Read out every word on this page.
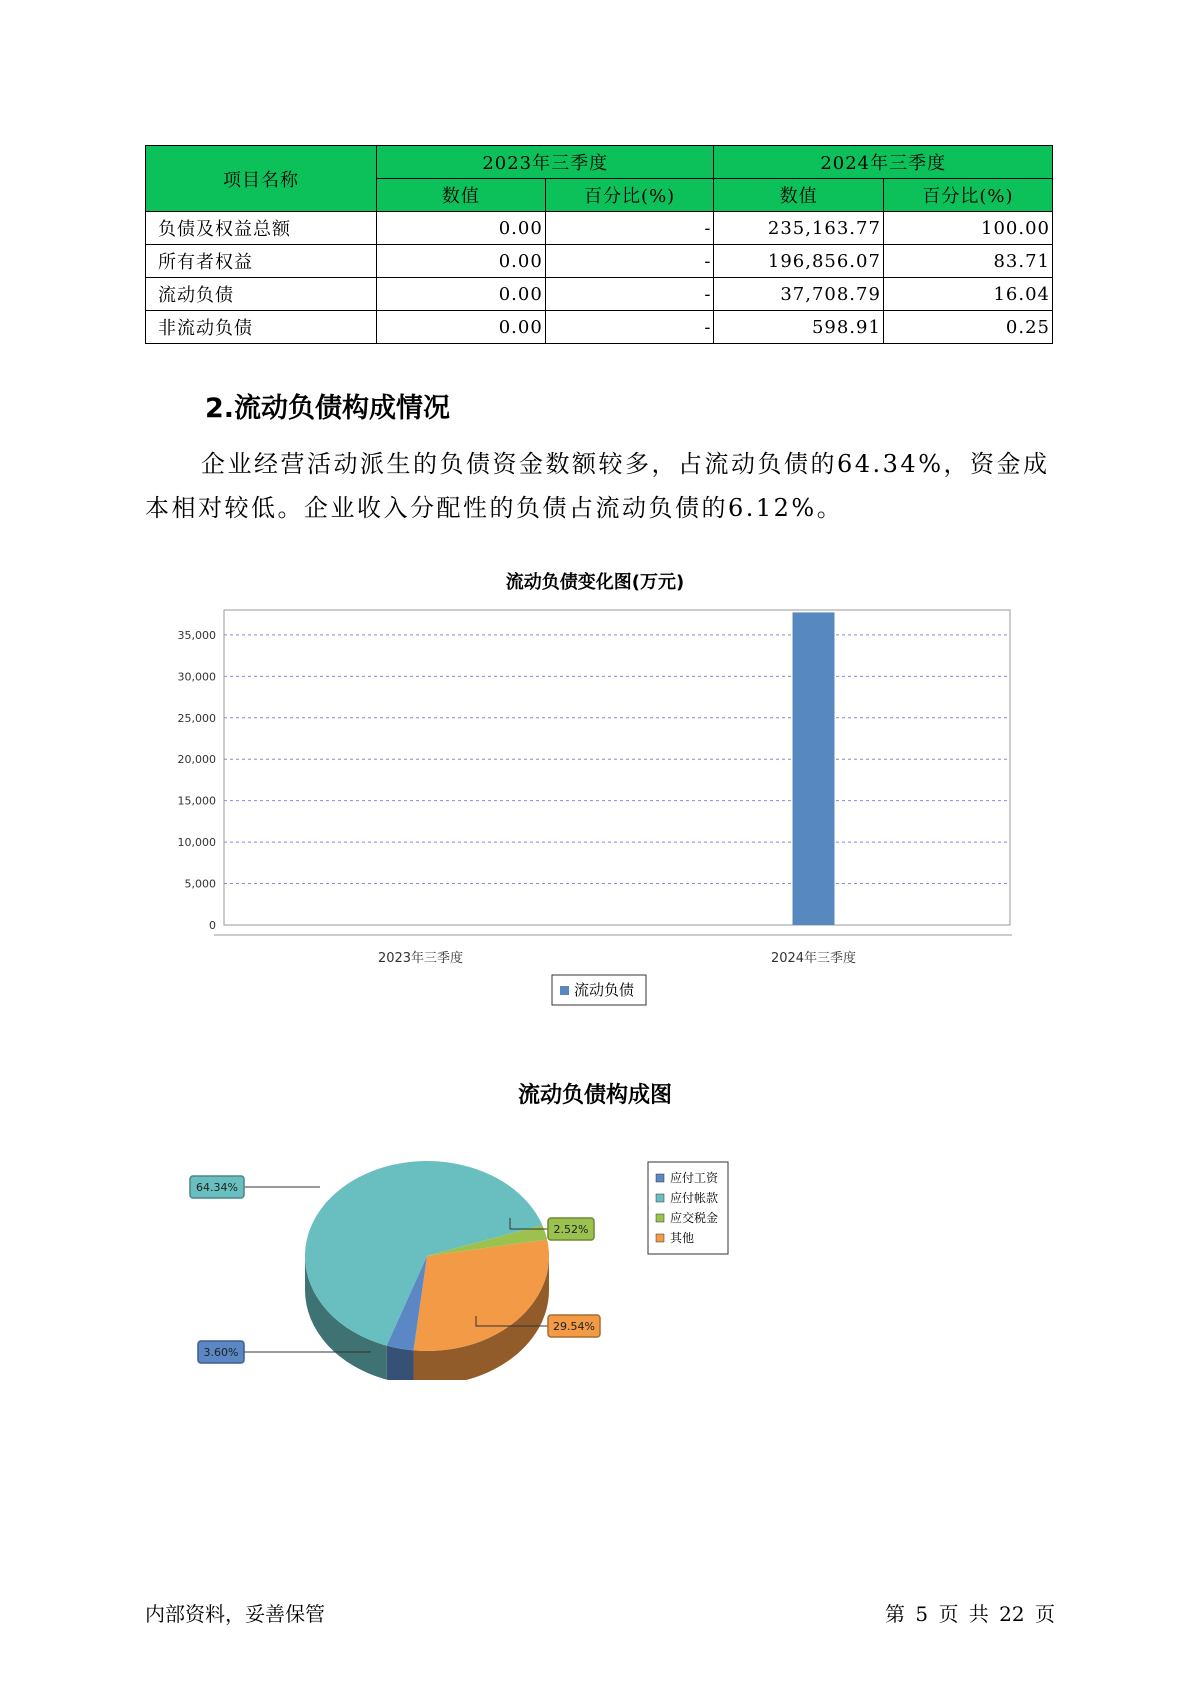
项目名称	2023年三季度		2024年三季度	
	数值	百分比(%)	数值	百分比(%)
负债及权益总额	0.00	-	235,163.77	100.00
所有者权益	0.00	-	196,856.07	83.71
流动负债	0.00	-	37,708.79	16.04
非流动负债	0.00	-	598.91	0.25
2.流动负债构成情况
企业经营活动派生的负债资金数额较多，占流动负债的64.34%，资金成本相对较低。企业收入分配性的负债占流动负债的6.12%。
流动负债变化图(万元)
0
5,000
10,000
15,000
20,000
25,000
30,000
35,000
2023年三季度	2024年三季度
流动负债
流动负债构成图
64.34%
2.52%
29.54%
3.60%
应付工资
应付帐款
应交税金
其他
内部资料，妥善保管	第 5 页 共 22 页
